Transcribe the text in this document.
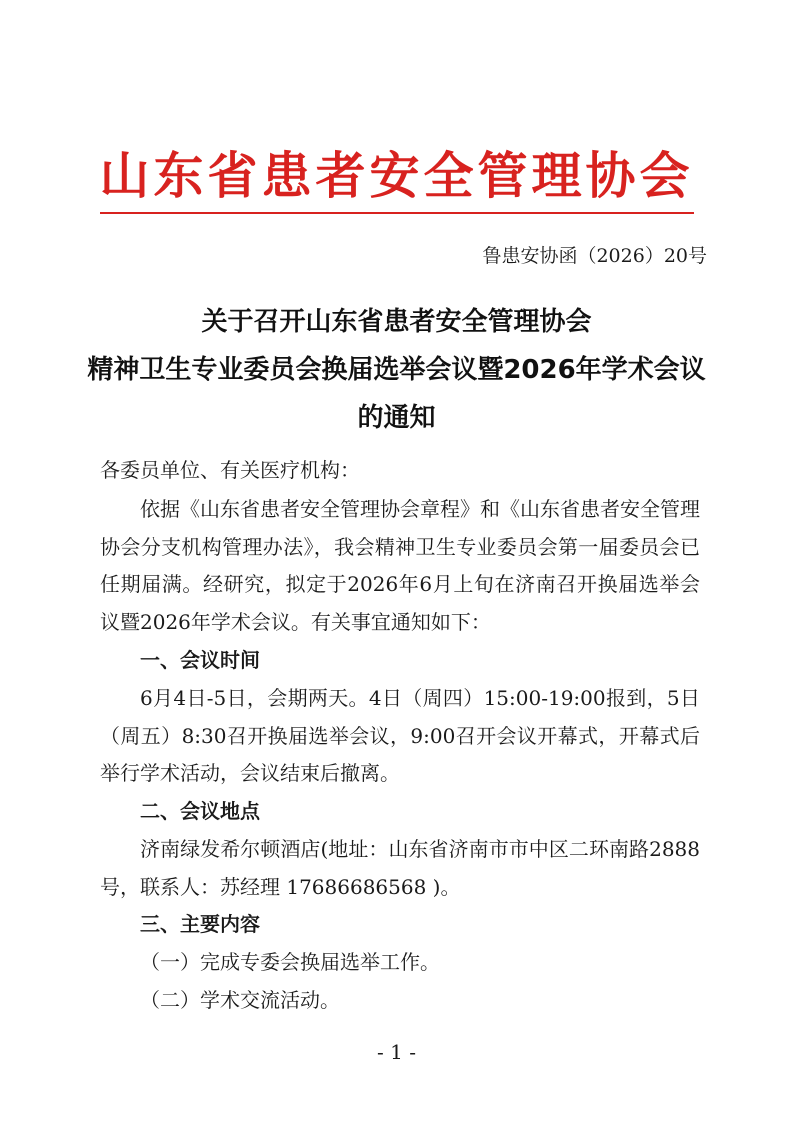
山东省患者安全管理协会
鲁患安协函（2026）20号
关于召开山东省患者安全管理协会
精神卫生专业委员会换届选举会议暨2026年学术会议
的通知
各委员单位、有关医疗机构：
依据《山东省患者安全管理协会章程》和《山东省患者安全管理协会分支机构管理办法》，我会精神卫生专业委员会第一届委员会已任期届满。经研究，拟定于2026年6月上旬在济南召开换届选举会议暨2026年学术会议。有关事宜通知如下：
一、会议时间
6月4日-5日，会期两天。4日（周四）15:00-19:00报到，5日（周五）8:30召开换届选举会议，9:00召开会议开幕式，开幕式后举行学术活动，会议结束后撤离。
二、会议地点
济南绿发希尔顿酒店(地址：山东省济南市市中区二环南路2888号，联系人：苏经理 17686686568 )。
三、主要内容
（一）完成专委会换届选举工作。
（二）学术交流活动。
- 1 -
